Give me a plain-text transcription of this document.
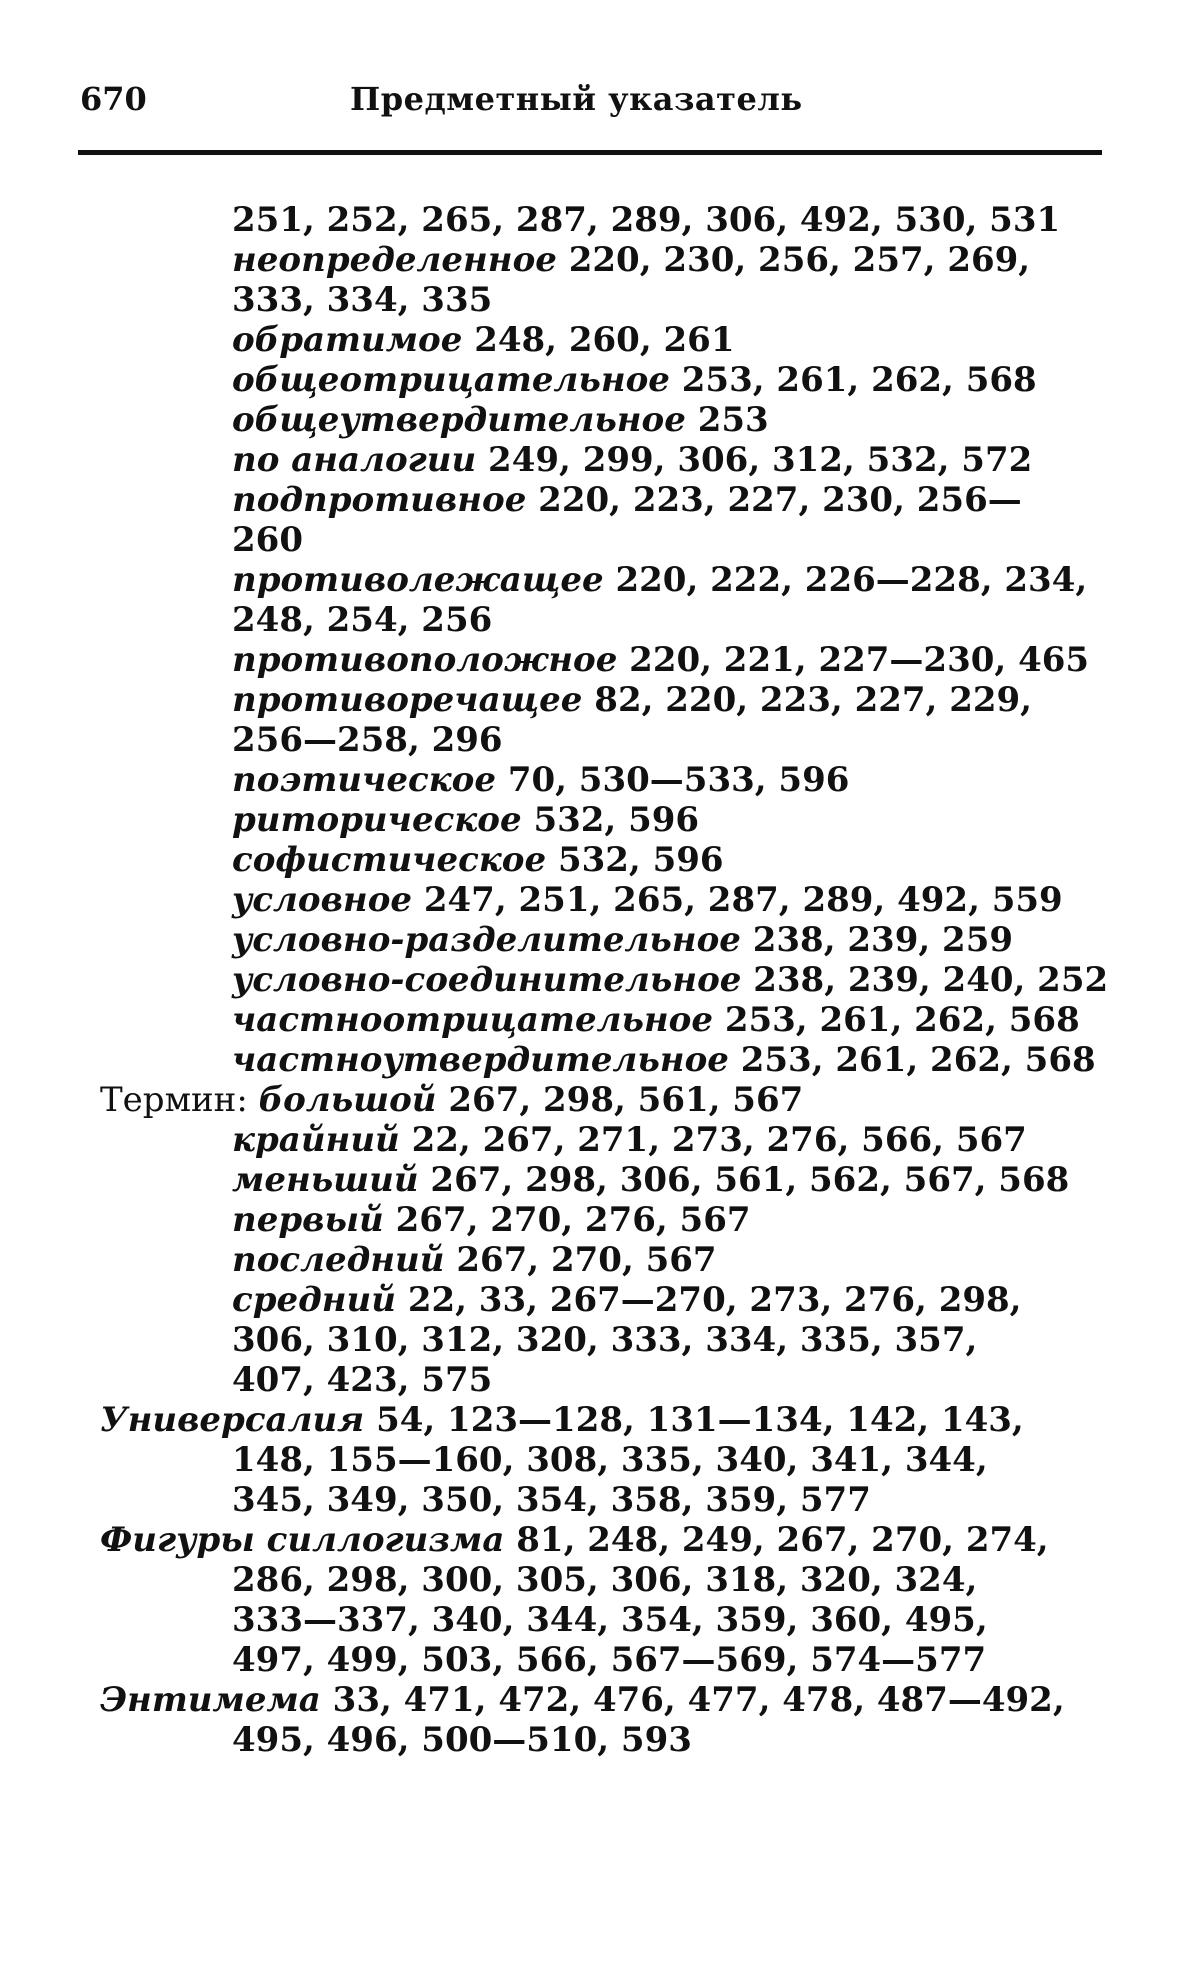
670	Предметный указатель
251, 252, 265, 287, 289, 306, 492, 530, 531
неопределенное 220, 230, 256, 257, 269,
333, 334, 335
обратимое 248, 260, 261
общеотрицательное 253, 261, 262, 568
общеутвердительное 253
по аналогии 249, 299, 306, 312, 532, 572
подпротивное 220, 223, 227, 230, 256—
260
противолежащее 220, 222, 226—228, 234,
248, 254, 256
противоположное 220, 221, 227—230, 465
противоречащее 82, 220, 223, 227, 229,
256—258, 296
поэтическое 70, 530—533, 596
риторическое 532, 596
софистическое 532, 596
условное 247, 251, 265, 287, 289, 492, 559
условно-разделительное 238, 239, 259
условно-соединительное 238, 239, 240, 252
частноотрицательное 253, 261, 262, 568
частноутвердительное 253, 261, 262, 568
Термин: большой 267, 298, 561, 567
крайний 22, 267, 271, 273, 276, 566, 567
меньший 267, 298, 306, 561, 562, 567, 568
первый 267, 270, 276, 567
последний 267, 270, 567
средний 22, 33, 267—270, 273, 276, 298,
306, 310, 312, 320, 333, 334, 335, 357,
407, 423, 575
Универсалия 54, 123—128, 131—134, 142, 143,
148, 155—160, 308, 335, 340, 341, 344,
345, 349, 350, 354, 358, 359, 577
Фигуры силлогизма 81, 248, 249, 267, 270, 274,
286, 298, 300, 305, 306, 318, 320, 324,
333—337, 340, 344, 354, 359, 360, 495,
497, 499, 503, 566, 567—569, 574—577
Энтимема 33, 471, 472, 476, 477, 478, 487—492,
495, 496, 500—510, 593
